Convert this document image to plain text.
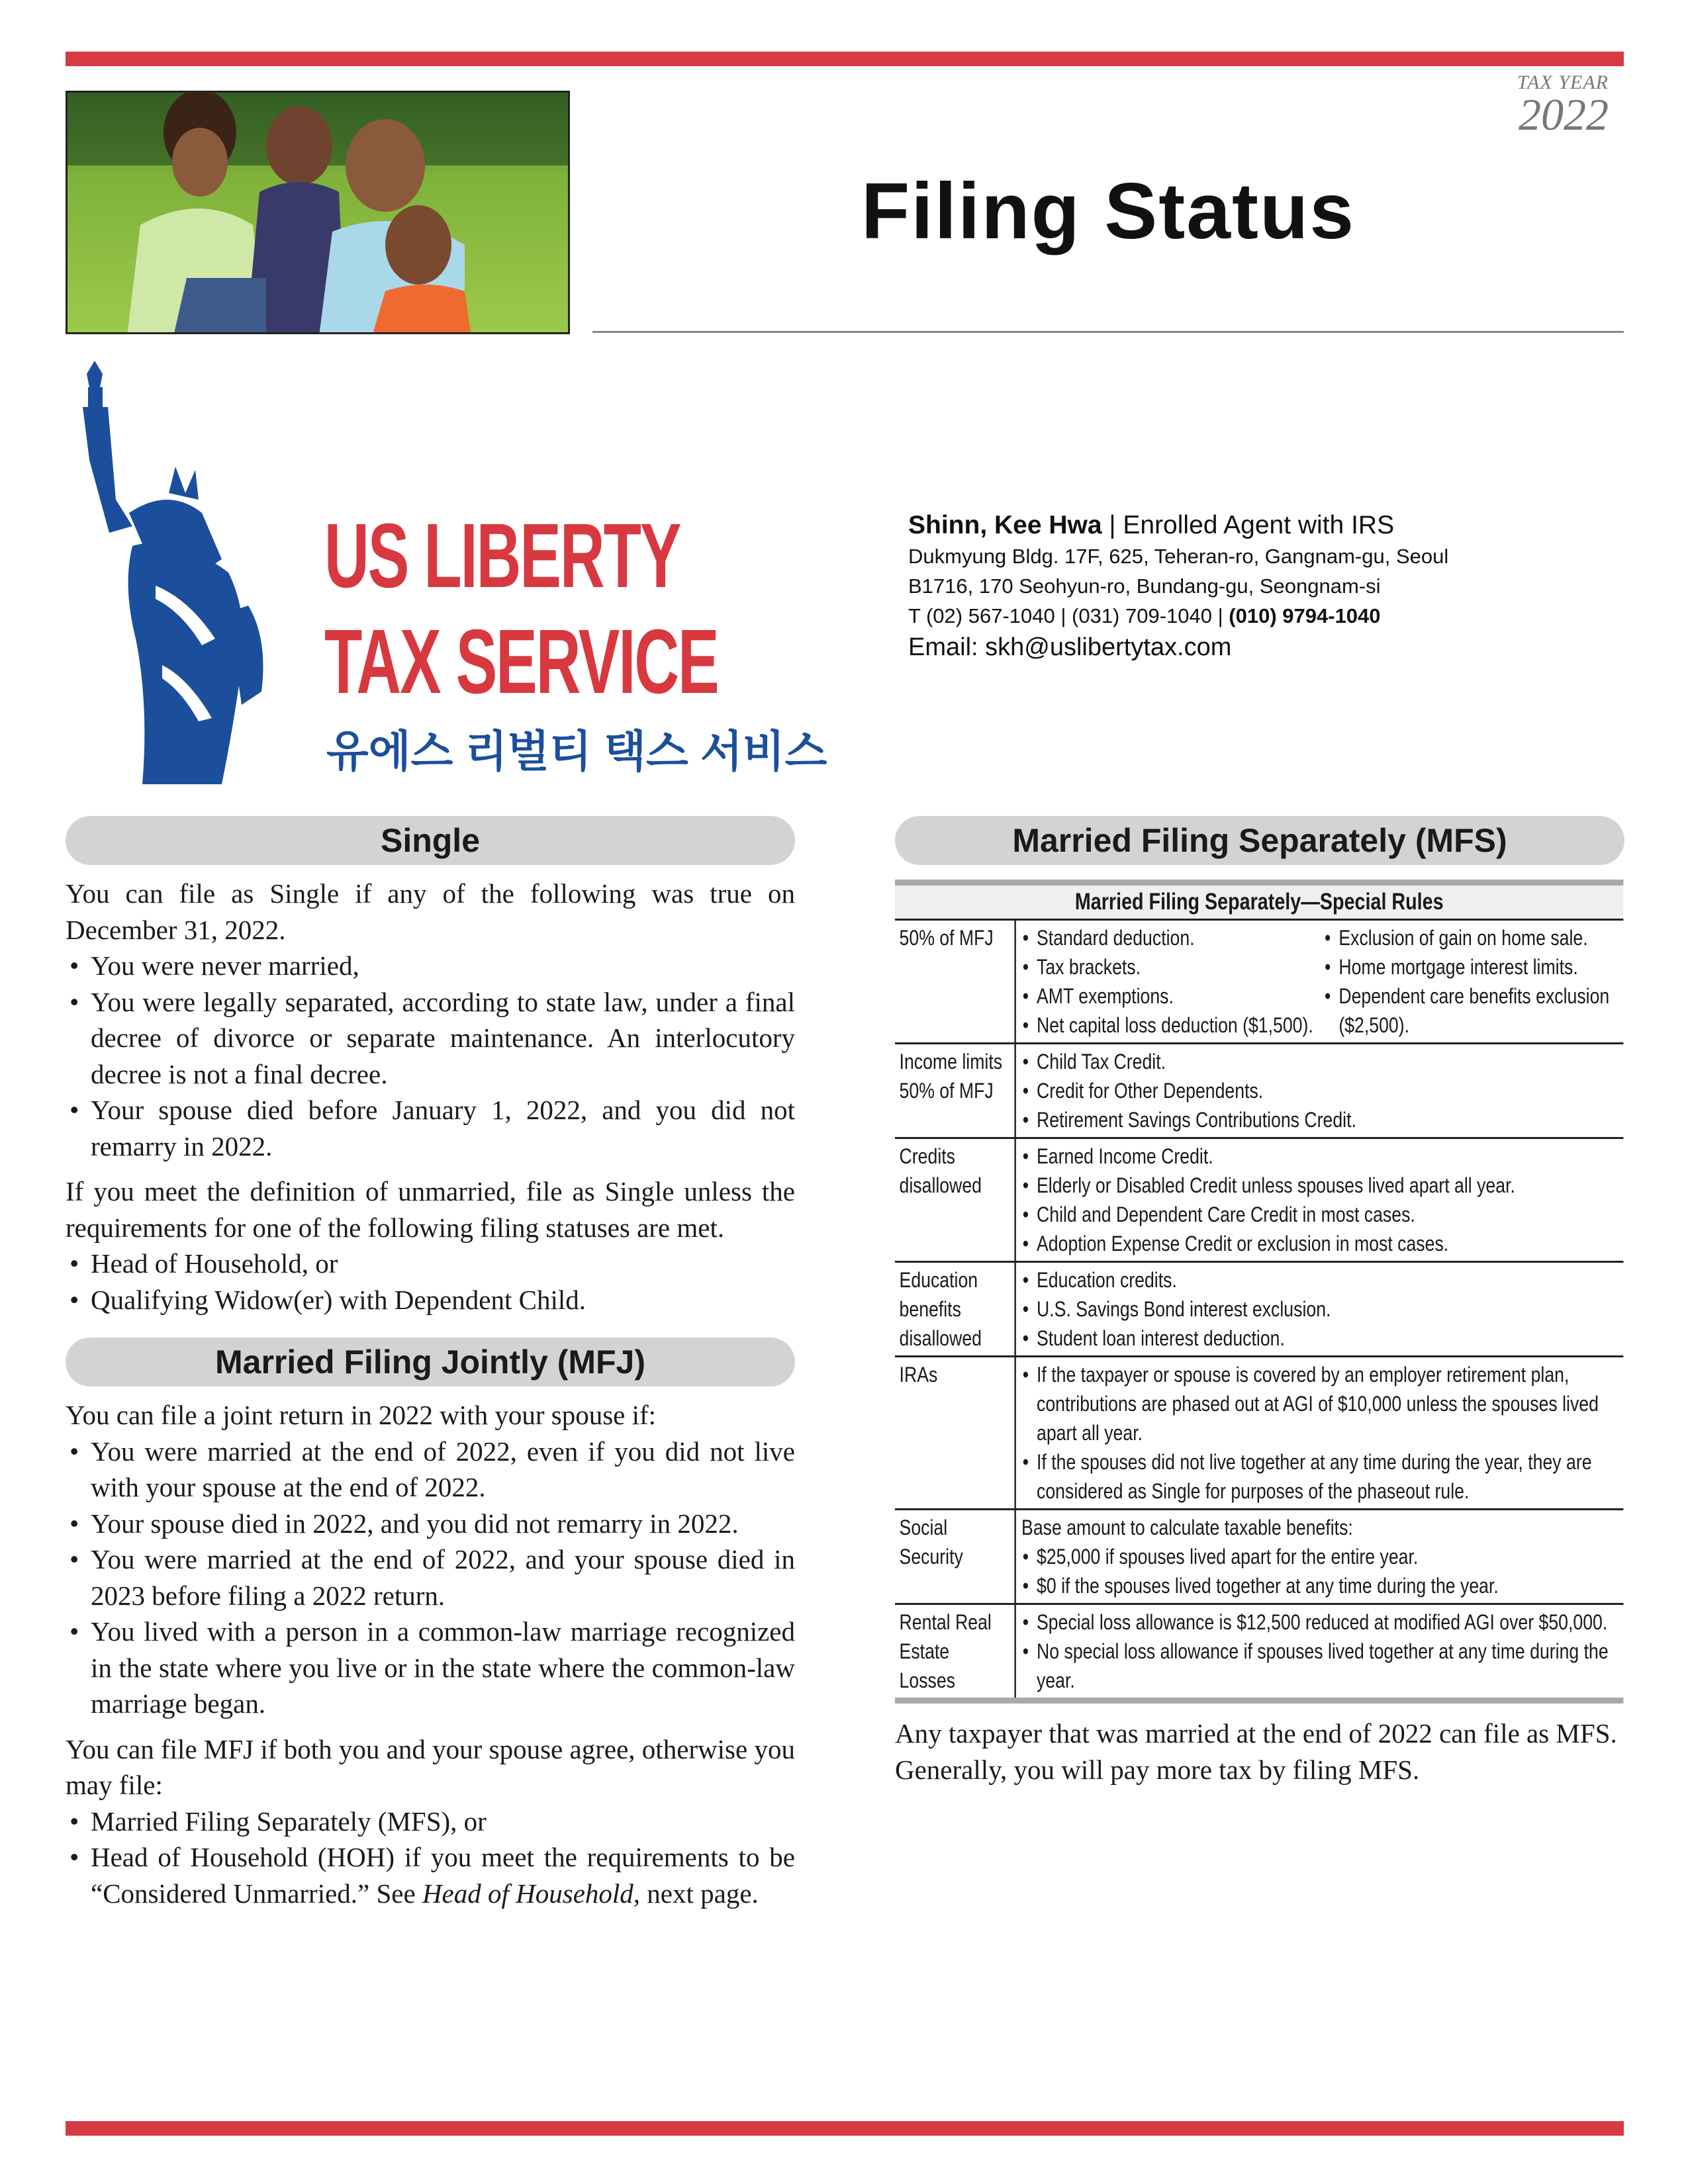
TAX YEAR
2022
Filing Status
US LIBERTY
TAX SERVICE
유에스 리벌티 택스 서비스
Shinn, Kee Hwa | Enrolled Agent with IRS
Dukmyung Bldg. 17F, 625, Teheran-ro, Gangnam-gu, Seoul
B1716, 170 Seohyun-ro, Bundang-gu, Seongnam-si
T (02) 567-1040 | (031) 709-1040 | (010) 9794-1040
Email: skh@uslibertytax.com
Single

You can file as Single if any of the following was true on December 31, 2022.

• You were never married,
• You were legally separated, according to state law, under a final decree of divorce or separate maintenance. An interlocutory decree is not a final decree.
• Your spouse died before January 1, 2022, and you did not remarry in 2022.

If you meet the definition of unmarried, file as Single unless the requirements for one of the following filing statuses are met.

• Head of Household, or
• Qualifying Widow(er) with Dependent Child.
Married Filing Jointly (MFJ)

You can file a joint return in 2022 with your spouse if:

• You were married at the end of 2022, even if you did not live with your spouse at the end of 2022.
• Your spouse died in 2022, and you did not remarry in 2022.
• You were married at the end of 2022, and your spouse died in 2023 before filing a 2022 return.
• You lived with a person in a common-law marriage recognized in the state where you live or in the state where the common-law marriage began.

You can file MFJ if both you and your spouse agree, otherwise you may file:

• Married Filing Separately (MFS), or
• Head of Household (HOH) if you meet the requirements to be “Considered Unmarried.” See Head of Household, next page.
Married Filing Separately (MFS)
Married Filing Separately—Special Rules
50% of MFJ	• Standard deduction.
• Tax brackets.
• AMT exemptions.
• Net capital loss deduction ($1,500).
• Exclusion of gain on home sale.
• Home mortgage interest limits.
• Dependent care benefits exclusion ($2,500).
Income limits 50% of MFJ
• Child Tax Credit.
• Credit for Other Dependents.
• Retirement Savings Contributions Credit.
Credits disallowed
• Earned Income Credit.
• Elderly or Disabled Credit unless spouses lived apart all year.
• Child and Dependent Care Credit in most cases.
• Adoption Expense Credit or exclusion in most cases.
Education benefits disallowed
• Education credits.
• U.S. Savings Bond interest exclusion.
• Student loan interest deduction.
IRAs	• If the taxpayer or spouse is covered by an employer retirement plan, contributions are phased out at AGI of $10,000 unless the spouses lived apart all year.
• If the spouses did not live together at any time during the year, they are considered as Single for purposes of the phaseout rule.
Social Security
Base amount to calculate taxable benefits:
• $25,000 if spouses lived apart for the entire year.
• $0 if the spouses lived together at any time during the year.
Rental Real Estate Losses
• Special loss allowance is $12,500 reduced at modified AGI over $50,000.
• No special loss allowance if spouses lived together at any time during the year.
Any taxpayer that was married at the end of 2022 can file as MFS. Generally, you will pay more tax by filing MFS.
